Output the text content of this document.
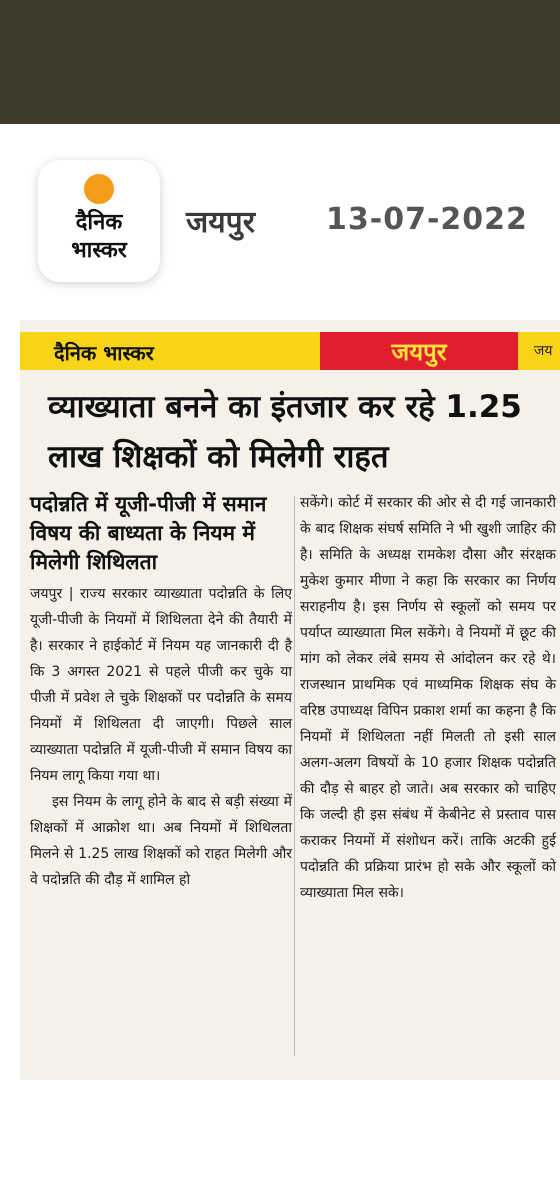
दैनिक
भास्कर
जयपुर 13-07-2022
दैनिक भास्कर	जयपुर	जय
व्याख्याता बनने का इंतजार कर रहे 1.25 लाख शिक्षकों को मिलेगी राहत
पदोन्नति में यूजी-पीजी में समान विषय की बाध्यता के नियम में मिलेगी शिथिलता

जयपुर | राज्य सरकार व्याख्याता पदोन्नति के लिए यूजी-पीजी के नियमों में शिथिलता देने की तैयारी में है। सरकार ने हाईकोर्ट में नियम यह जानकारी दी है कि 3 अगस्त 2021 से पहले पीजी कर चुके या पीजी में प्रवेश ले चुके शिक्षकों पर पदोन्नति के समय नियमों में शिथिलता दी जाएगी। पिछले साल व्याख्याता पदोन्नति में यूजी-पीजी में समान विषय का नियम लागू किया गया था।

इस नियम के लागू होने के बाद से बड़ी संख्या में शिक्षकों में आक्रोश था। अब नियमों में शिथिलता मिलने से 1.25 लाख शिक्षकों को राहत मिलेगी और वे पदोन्नति की दौड़ में शामिल हो

सकेंगे। कोर्ट में सरकार की ओर से दी गई जानकारी के बाद शिक्षक संघर्ष समिति ने भी खुशी जाहिर की है। समिति के अध्यक्ष रामकेश दौसा और संरक्षक मुकेश कुमार मीणा ने कहा कि सरकार का निर्णय सराहनीय है। इस निर्णय से स्कूलों को समय पर पर्याप्त व्याख्याता मिल सकेंगे। वे नियमों में छूट की मांग को लेकर लंबे समय से आंदोलन कर रहे थे। राजस्थान प्राथमिक एवं माध्यमिक शिक्षक संघ के वरिष्ठ उपाध्यक्ष विपिन प्रकाश शर्मा का कहना है कि नियमों में शिथिलता नहीं मिलती तो इसी साल अलग-अलग विषयों के 10 हजार शिक्षक पदोन्नति की दौड़ से बाहर हो जाते। अब सरकार को चाहिए कि जल्दी ही इस संबंध में केबीनेट से प्रस्ताव पास कराकर नियमों में संशोधन करें। ताकि अटकी हुई पदोन्नति की प्रक्रिया प्रारंभ हो सके और स्कूलों को व्याख्याता मिल सके।
